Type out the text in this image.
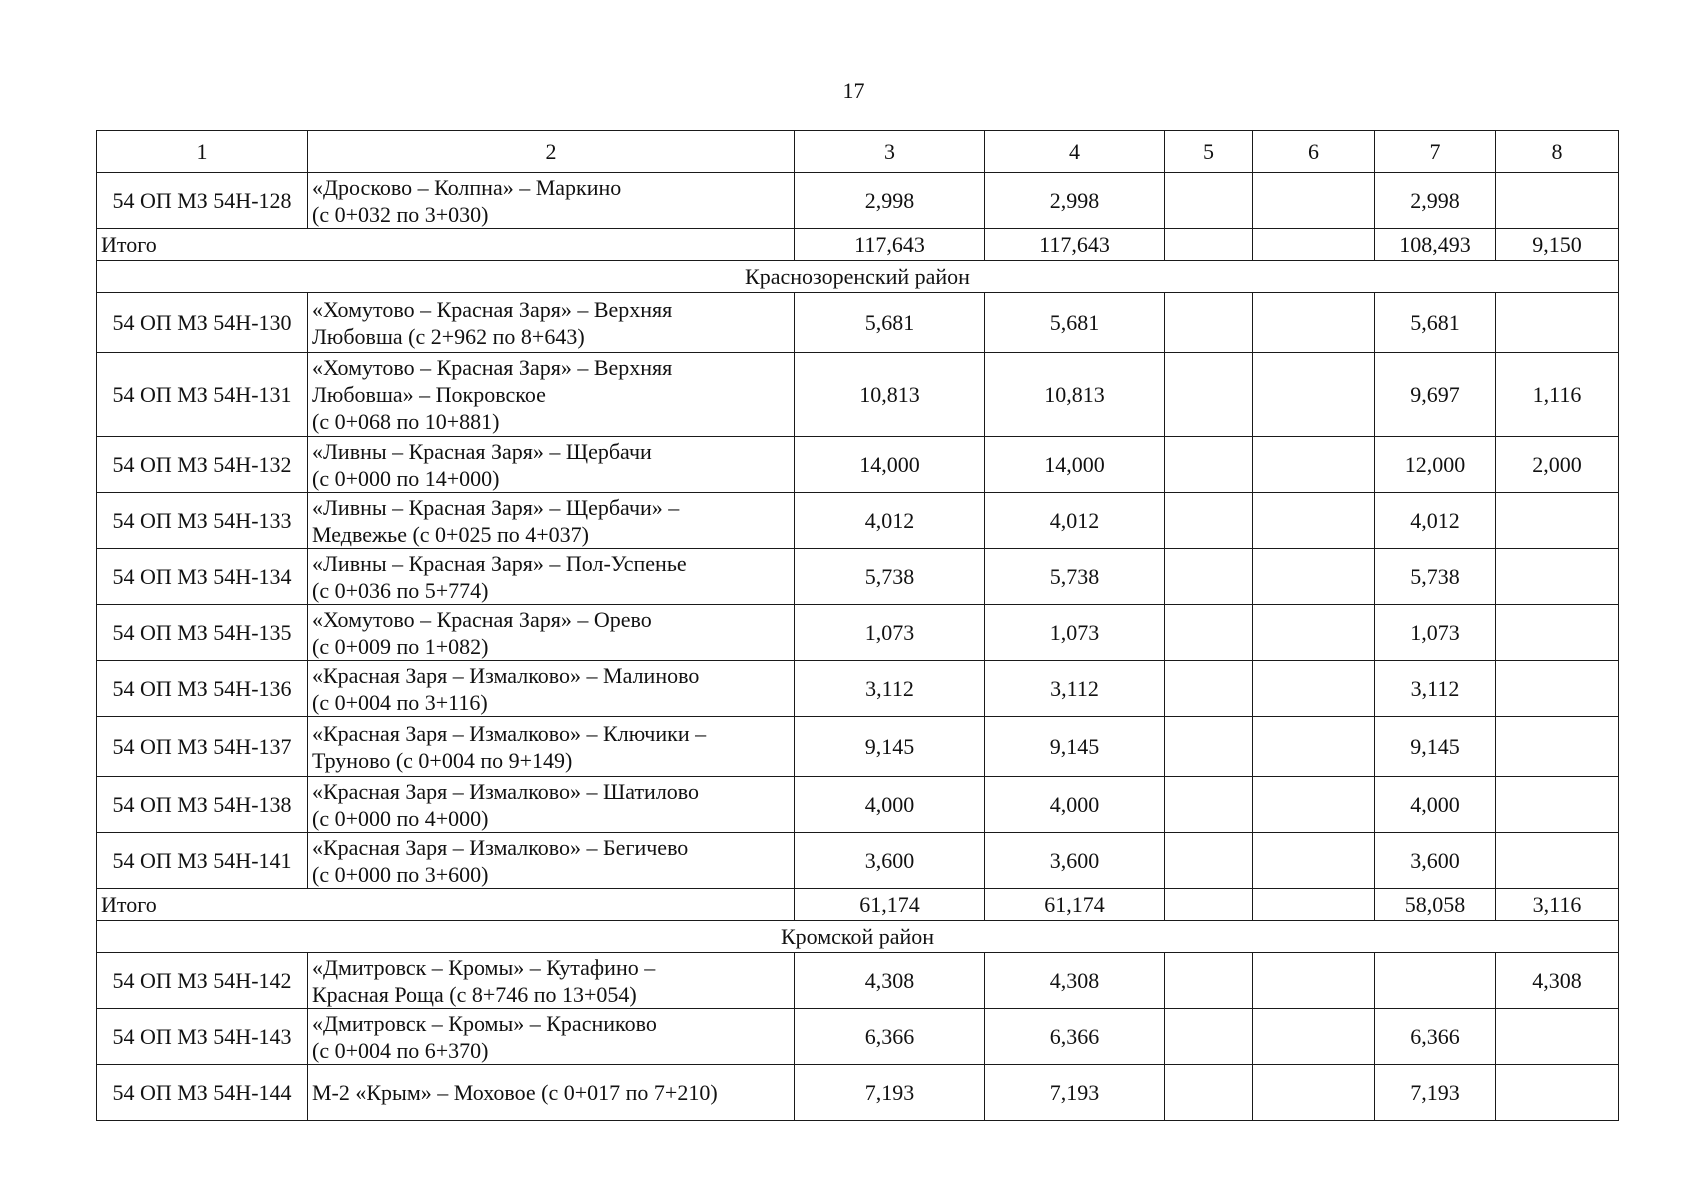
17
1	2	3	4	5	6	7	8
54 ОП МЗ 54Н-128	«Дросково – Колпна» – Маркино
(с 0+032 по 3+030)	2,998	2,998			2,998	
Итого		117,643	117,643			108,493	9,150
Краснозоренский район							
54 ОП МЗ 54Н-130	«Хомутово – Красная Заря» – Верхняя
Любовша (с 2+962 по 8+643)	5,681	5,681			5,681	
54 ОП МЗ 54Н-131	«Хомутово – Красная Заря» – Верхняя
Любовша» – Покровское
(с 0+068 по 10+881)	10,813	10,813			9,697	1,116
54 ОП МЗ 54Н-132	«Ливны – Красная Заря» – Щербачи
(с 0+000 по 14+000)	14,000	14,000			12,000	2,000
54 ОП МЗ 54Н-133	«Ливны – Красная Заря» – Щербачи» –
Медвежье (с 0+025 по 4+037)	4,012	4,012			4,012	
54 ОП МЗ 54Н-134	«Ливны – Красная Заря» – Пол-Успенье
(с 0+036 по 5+774)	5,738	5,738			5,738	
54 ОП МЗ 54Н-135	«Хомутово – Красная Заря» – Орево
(с 0+009 по 1+082)	1,073	1,073			1,073	
54 ОП МЗ 54Н-136	«Красная Заря – Измалково» – Малиново
(с 0+004 по 3+116)	3,112	3,112			3,112	
54 ОП МЗ 54Н-137	«Красная Заря – Измалково» – Ключики –
Труново (с 0+004 по 9+149)	9,145	9,145			9,145	
54 ОП МЗ 54Н-138	«Красная Заря – Измалково» – Шатилово
(с 0+000 по 4+000)	4,000	4,000			4,000	
54 ОП МЗ 54Н-141	«Красная Заря – Измалково» – Бегичево
(с 0+000 по 3+600)	3,600	3,600			3,600	
Итого		61,174	61,174			58,058	3,116
Кромской район							
54 ОП МЗ 54Н-142	«Дмитровск – Кромы» – Кутафино –
Красная Роща (с 8+746 по 13+054)	4,308	4,308				4,308
54 ОП МЗ 54Н-143	«Дмитровск – Кромы» – Красниково
(с 0+004 по 6+370)	6,366	6,366			6,366	
54 ОП МЗ 54Н-144	М-2 «Крым» – Моховое (с 0+017 по 7+210)	7,193	7,193			7,193	
